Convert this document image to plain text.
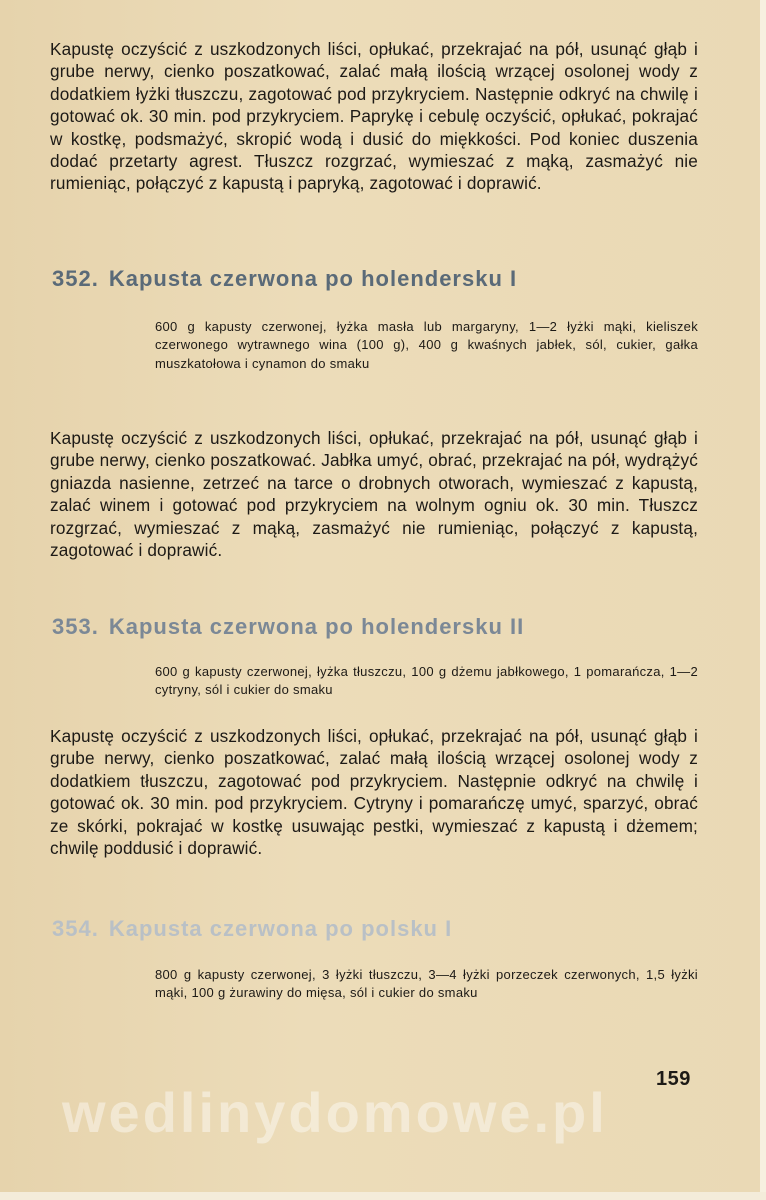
Kapustę oczyścić z uszkodzonych liści, opłukać, przekrajać na pół, usunąć głąb i grube nerwy, cienko poszatkować, zalać małą ilością wrzącej osolonej wody z dodatkiem łyżki tłuszczu, zagotować pod przykryciem. Następnie odkryć na chwilę i gotować ok. 30 min. pod przykryciem. Paprykę i cebulę oczyścić, opłukać, pokrajać w kostkę, podsmażyć, skropić wodą i dusić do miękkości. Pod koniec duszenia dodać przetarty agrest. Tłuszcz rozgrzać, wymieszać z mąką, zasmażyć nie rumieniąc, połączyć z kapustą i papryką, zagotować i doprawić.

352. Kapusta czerwona po holendersku I

600 g kapusty czerwonej, łyżka masła lub margaryny, 1—2 łyżki mąki, kieliszek czerwonego wytrawnego wina (100 g), 400 g kwaśnych jabłek, sól, cukier, gałka muszkatołowa i cynamon do smaku

Kapustę oczyścić z uszkodzonych liści, opłukać, przekrajać na pół, usunąć głąb i grube nerwy, cienko poszatkować. Jabłka umyć, obrać, przekrajać na pół, wydrążyć gniazda nasienne, zetrzeć na tarce o drobnych otworach, wymieszać z kapustą, zalać winem i gotować pod przykryciem na wolnym ogniu ok. 30 min. Tłuszcz rozgrzać, wymieszać z mąką, zasmażyć nie rumieniąc, połączyć z kapustą, zagotować i doprawić.

353. Kapusta czerwona po holendersku II

600 g kapusty czerwonej, łyżka tłuszczu, 100 g dżemu jabłkowego, 1 pomarańcza, 1—2 cytryny, sól i cukier do smaku

Kapustę oczyścić z uszkodzonych liści, opłukać, przekrajać na pół, usunąć głąb i grube nerwy, cienko poszatkować, zalać małą ilością wrzącej osolonej wody z dodatkiem tłuszczu, zagotować pod przykryciem. Następnie odkryć na chwilę i gotować ok. 30 min. pod przykryciem. Cytryny i pomarańczę umyć, sparzyć, obrać ze skórki, pokrajać w kostkę usuwając pestki, wymieszać z kapustą i dżemem; chwilę poddusić i doprawić.

354. Kapusta czerwona po polsku I

800 g kapusty czerwonej, 3 łyżki tłuszczu, 3—4 łyżki porzeczek czerwonych, 1,5 łyżki mąki, 100 g żurawiny do mięsa, sól i cukier do smaku

159
wedlinydomowe.pl
